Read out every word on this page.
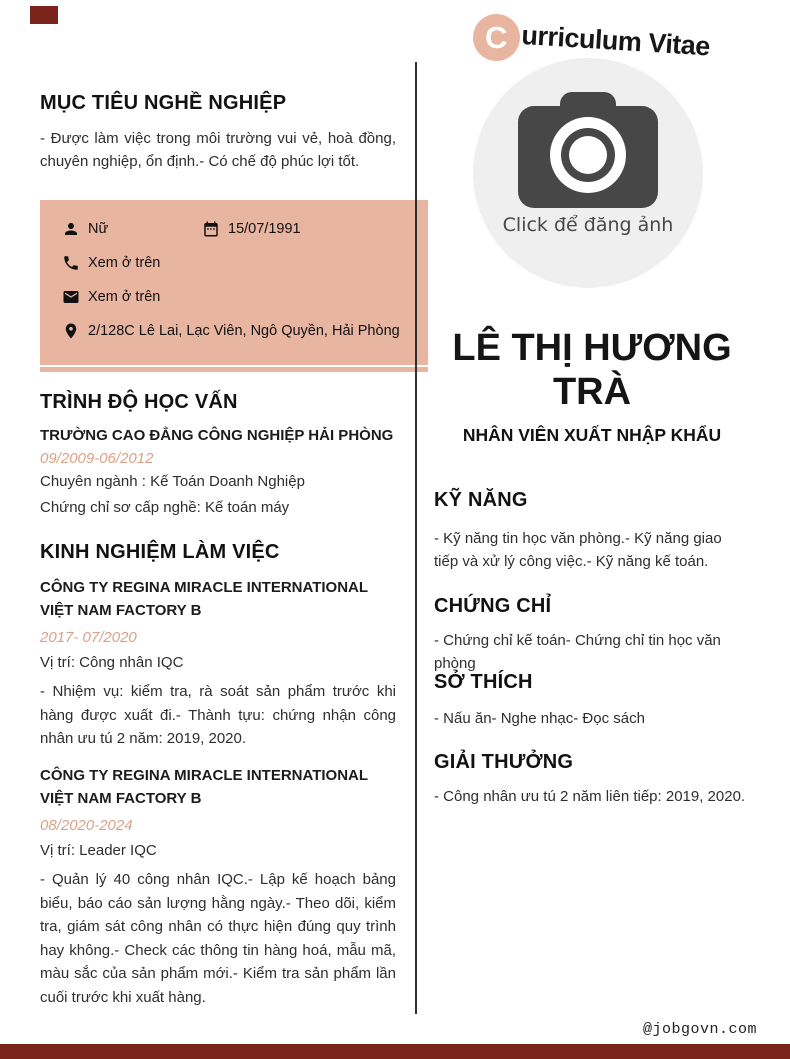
C urriculum Vitae
MỤC TIÊU NGHỀ NGHIỆP

- Được làm việc trong môi trường vui vẻ, hoà đồng, chuyên nghiệp, ổn định.- Có chế độ phúc lợi tốt.

Nữ	15/07/1991
Xem ở trên
Xem ở trên
2/128C Lê Lai, Lạc Viên, Ngô Quyền, Hải Phòng
TRÌNH ĐỘ HỌC VẤN

TRƯỜNG CAO ĐẲNG CÔNG NGHIỆP HẢI PHÒNG

09/2009-06/2012

Chuyên ngành : Kế Toán Doanh Nghiệp

Chứng chỉ sơ cấp nghề: Kế toán máy

KINH NGHIỆM LÀM VIỆC

CÔNG TY REGINA MIRACLE INTERNATIONAL VIỆT NAM FACTORY B

2017- 07/2020

Vị trí: Công nhân IQC

- Nhiệm vụ: kiểm tra, rà soát sản phẩm trước khi hàng được xuất đi.- Thành tựu: chứng nhận công nhân ưu tú 2 năm: 2019, 2020.

CÔNG TY REGINA MIRACLE INTERNATIONAL VIỆT NAM FACTORY B

08/2020-2024

Vị trí: Leader IQC

- Quản lý 40 công nhân IQC.- Lập kế hoạch bảng biểu, báo cáo sản lượng hằng ngày.- Theo dõi, kiểm tra, giám sát công nhân có thực hiện đúng quy trình hay không.- Check các thông tin hàng hoá, mẫu mã, màu sắc của sản phẩm mới.- Kiểm tra sản phẩm lần cuối trước khi xuất hàng.

Click để đăng ảnh
LÊ THỊ HƯƠNG TRÀ

NHÂN VIÊN XUẤT NHẬP KHẨU

KỸ NĂNG

- Kỹ năng tin học văn phòng.- Kỹ năng giao tiếp và xử lý công việc.- Kỹ năng kế toán.

CHỨNG CHỈ

- Chứng chỉ kế toán- Chứng chỉ tin học văn phòng

SỞ THÍCH

- Nấu ăn- Nghe nhạc- Đọc sách

GIẢI THƯỞNG

- Công nhân ưu tú 2 năm liên tiếp: 2019, 2020.

@jobgovn.com
